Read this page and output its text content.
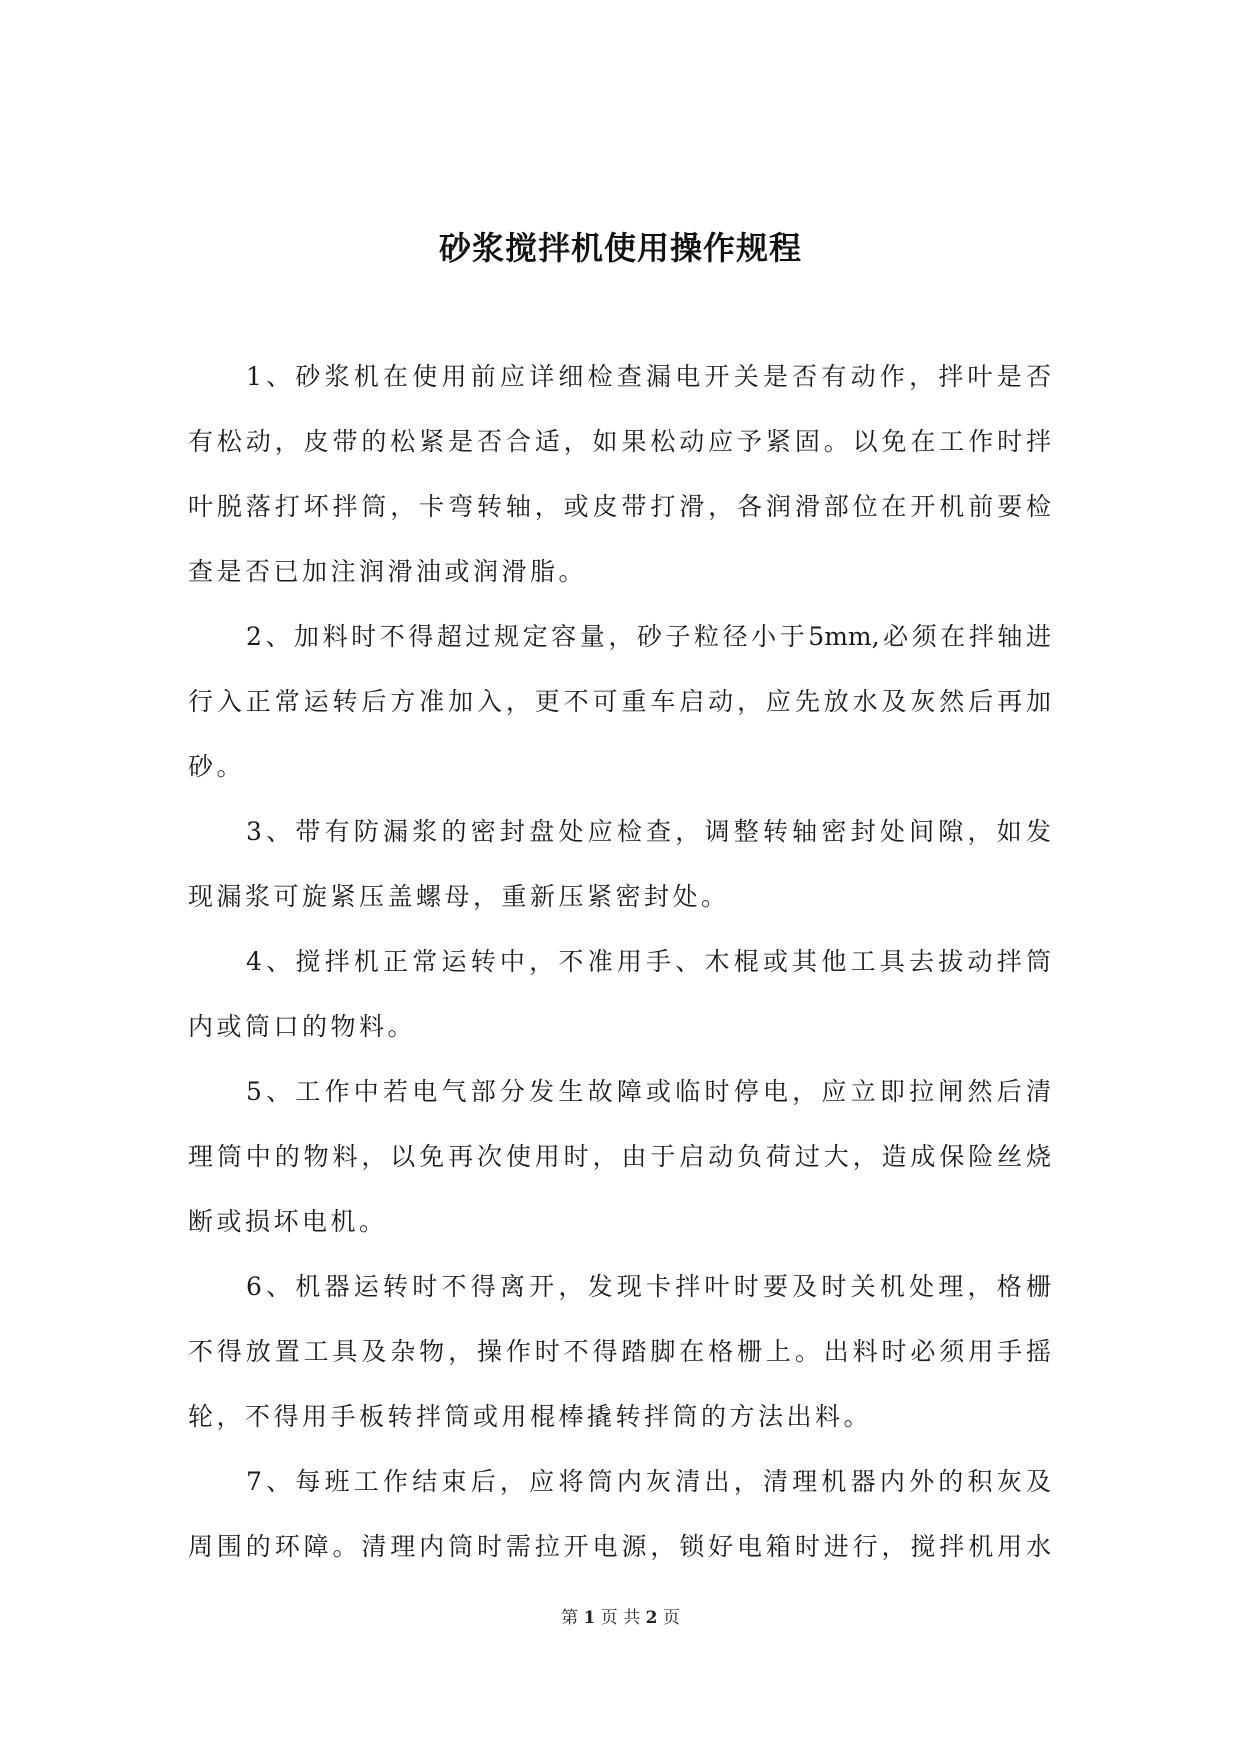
砂浆搅拌机使用操作规程
1、砂浆机在使用前应详细检查漏电开关是否有动作，拌叶是否
有松动，皮带的松紧是否合适，如果松动应予紧固。以免在工作时拌
叶脱落打坏拌筒，卡弯转轴，或皮带打滑，各润滑部位在开机前要检
查是否已加注润滑油或润滑脂。
2、加料时不得超过规定容量，砂子粒径小于5mm,必须在拌轴进
行入正常运转后方准加入，更不可重车启动，应先放水及灰然后再加
砂。
3、带有防漏浆的密封盘处应检查，调整转轴密封处间隙，如发
现漏浆可旋紧压盖螺母，重新压紧密封处。
4、搅拌机正常运转中，不准用手、木棍或其他工具去拔动拌筒
内或筒口的物料。
5、工作中若电气部分发生故障或临时停电，应立即拉闸然后清
理筒中的物料，以免再次使用时，由于启动负荷过大，造成保险丝烧
断或损坏电机。
6、机器运转时不得离开，发现卡拌叶时要及时关机处理，格栅
不得放置工具及杂物，操作时不得踏脚在格栅上。出料时必须用手摇
轮，不得用手板转拌筒或用棍棒撬转拌筒的方法出料。
7、每班工作结束后，应将筒内灰清出，清理机器内外的积灰及
周围的环障。清理内筒时需拉开电源，锁好电箱时进行，搅拌机用水
第 1 页 共 2 页
